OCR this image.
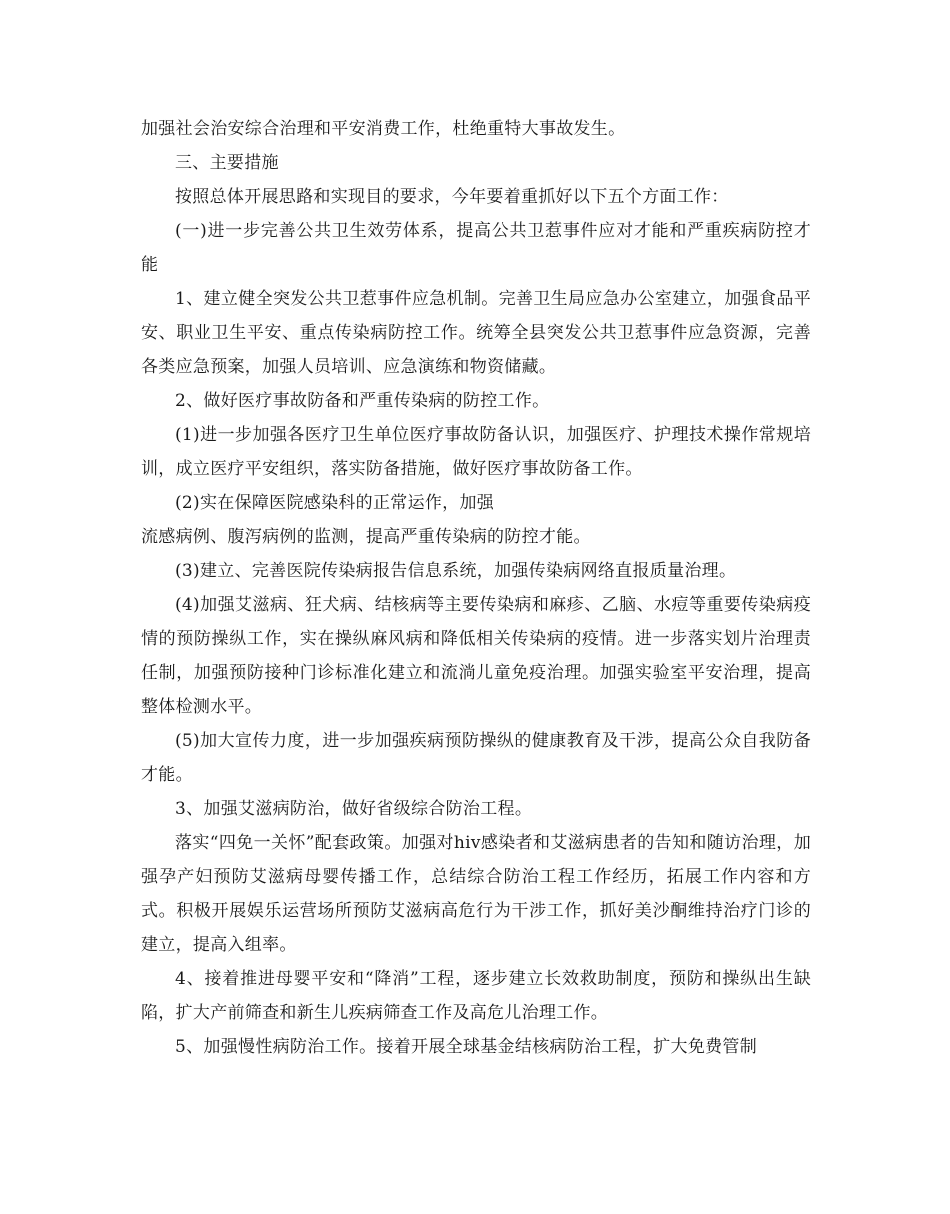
加强社会治安综合治理和平安消费工作，杜绝重特大事故发生。

三、主要措施

按照总体开展思路和实现目的要求，今年要着重抓好以下五个方面工作：

(一)进一步完善公共卫生效劳体系，提高公共卫惹事件应对才能和严重疾病防控才能

1、建立健全突发公共卫惹事件应急机制。完善卫生局应急办公室建立，加强食品平安、职业卫生平安、重点传染病防控工作。统筹全县突发公共卫惹事件应急资源，完善各类应急预案，加强人员培训、应急演练和物资储藏。

2、做好医疗事故防备和严重传染病的防控工作。

(1)进一步加强各医疗卫生单位医疗事故防备认识，加强医疗、护理技术操作常规培训，成立医疗平安组织，落实防备措施，做好医疗事故防备工作。

(2)实在保障医院感染科的正常运作，加强

流感病例、腹泻病例的监测，提高严重传染病的防控才能。

(3)建立、完善医院传染病报告信息系统，加强传染病网络直报质量治理。

(4)加强艾滋病、狂犬病、结核病等主要传染病和麻疹、乙脑、水痘等重要传染病疫情的预防操纵工作，实在操纵麻风病和降低相关传染病的疫情。进一步落实划片治理责任制，加强预防接种门诊标准化建立和流淌儿童免疫治理。加强实验室平安治理，提高整体检测水平。

(5)加大宣传力度，进一步加强疾病预防操纵的健康教育及干涉，提高公众自我防备才能。

3、加强艾滋病防治，做好省级综合防治工程。

落实“四免一关怀”配套政策。加强对hiv感染者和艾滋病患者的告知和随访治理，加强孕产妇预防艾滋病母婴传播工作，总结综合防治工程工作经历，拓展工作内容和方式。积极开展娱乐运营场所预防艾滋病高危行为干涉工作，抓好美沙酮维持治疗门诊的建立，提高入组率。

4、接着推进母婴平安和“降消”工程，逐步建立长效救助制度，预防和操纵出生缺陷，扩大产前筛查和新生儿疾病筛查工作及高危儿治理工作。

5、加强慢性病防治工作。接着开展全球基金结核病防治工程，扩大免费管制
